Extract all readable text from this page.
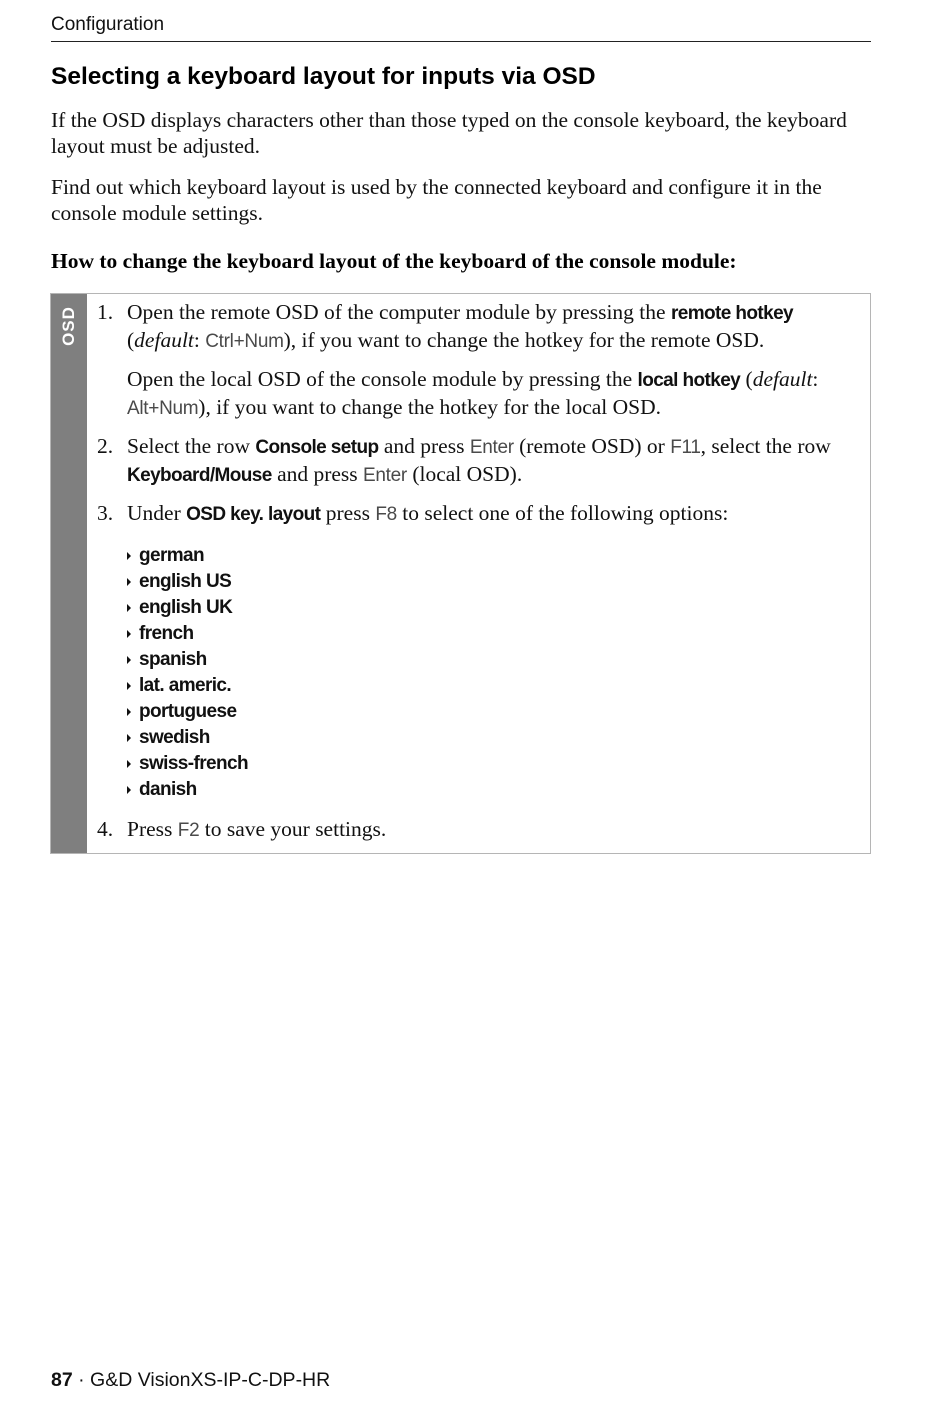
Configuration
Selecting a keyboard layout for inputs via OSD

If the OSD displays characters other than those typed on the console keyboard, the keyboard layout must be adjusted.

Find out which keyboard layout is used by the connected keyboard and configure it in the console module settings.

How to change the keyboard layout of the keyboard of the console module:

OSD 1. Open the remote OSD of the computer module by pressing the remote hotkey (default: Ctrl+Num), if you want to change the hotkey for the remote OSD.
Open the local OSD of the console module by pressing the local hotkey (default: Alt+Num), if you want to change the hotkey for the local OSD.
2. Select the row Console setup and press Enter (remote OSD) or F11, select the row Keyboard/Mouse and press Enter (local OSD).
3. Under OSD key. layout press F8 to select one of the following options:
german
english US
english UK
french
spanish
lat. americ.
portuguese
swedish
swiss-french
danish
4. Press F2 to save your settings.
87 · G&D VisionXS-IP-C-DP-HR
